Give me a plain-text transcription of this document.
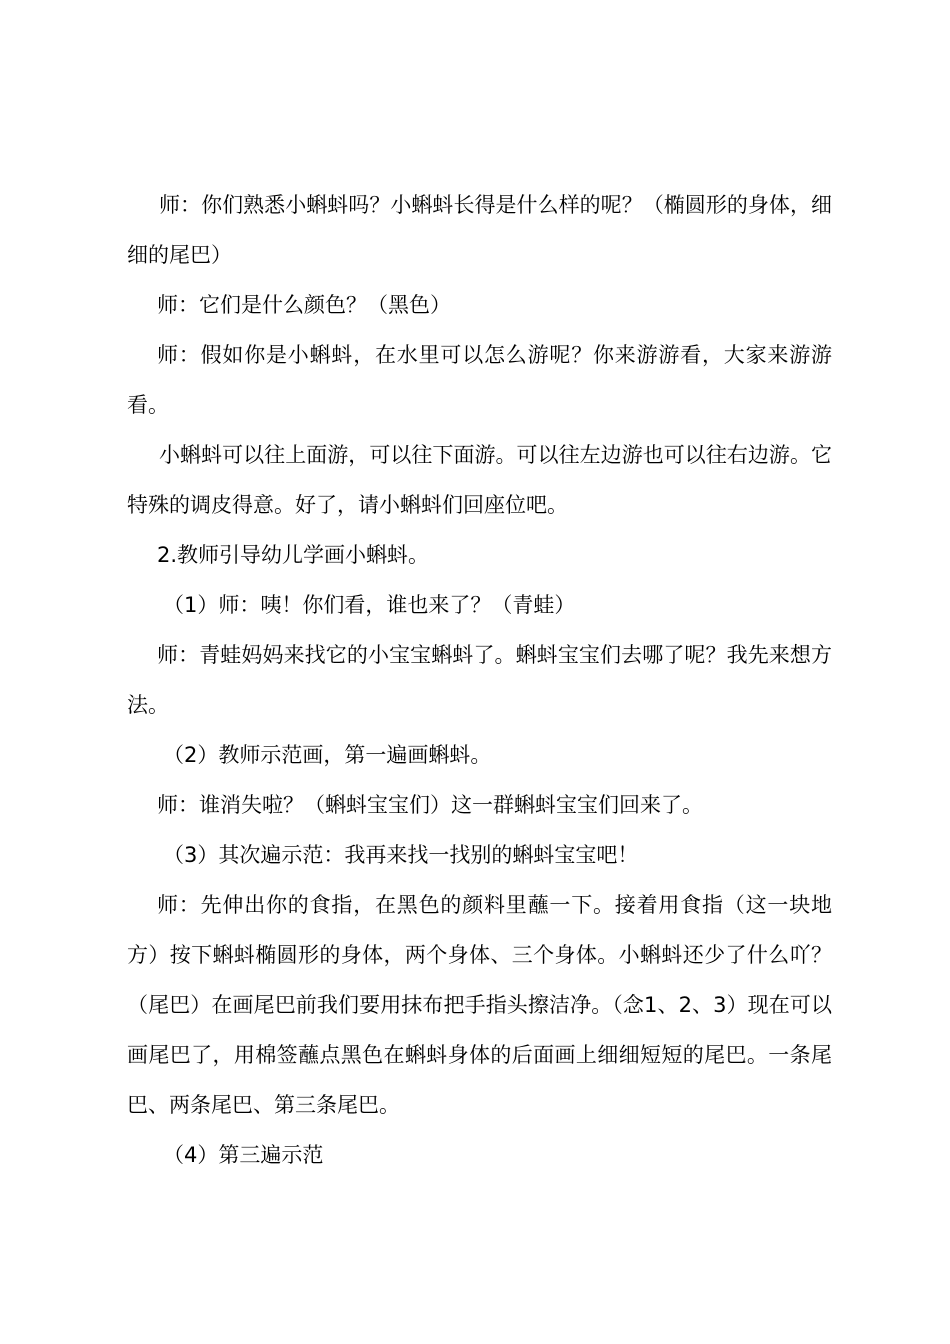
师：你们熟悉小蝌蚪吗？小蝌蚪长得是什么样的呢？（椭圆形的身体，细细的尾巴）

师：它们是什么颜色？（黑色）

师：假如你是小蝌蚪，在水里可以怎么游呢？你来游游看，大家来游游看。

小蝌蚪可以往上面游，可以往下面游。可以往左边游也可以往右边游。它特殊的调皮得意。好了，请小蝌蚪们回座位吧。

2.教师引导幼儿学画小蝌蚪。

（1）师：咦！你们看，谁也来了？（青蛙）

师：青蛙妈妈来找它的小宝宝蝌蚪了。蝌蚪宝宝们去哪了呢？我先来想方法。

（2）教师示范画，第一遍画蝌蚪。

师：谁消失啦？（蝌蚪宝宝们）这一群蝌蚪宝宝们回来了。

（3）其次遍示范：我再来找一找别的蝌蚪宝宝吧！

师：先伸出你的食指，在黑色的颜料里蘸一下。接着用食指（这一块地方）按下蝌蚪椭圆形的身体，两个身体、三个身体。小蝌蚪还少了什么吖？（尾巴）在画尾巴前我们要用抹布把手指头擦洁净。（念1、2、3）现在可以画尾巴了，用棉签蘸点黑色在蝌蚪身体的后面画上细细短短的尾巴。一条尾巴、两条尾巴、第三条尾巴。

（4）第三遍示范
